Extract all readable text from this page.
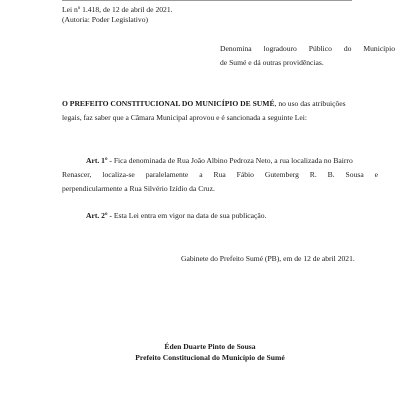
Lei nº 1.418, de 12 de abril de 2021.
(Autoria: Poder Legislativo)
Denomina logradouro Público do Município
de Sumé e dá outras providências.
O PREFEITO CONSTITUCIONAL DO MUNICÍPIO DE SUMÉ, no uso das atribuições
legais, faz saber que a Câmara Municipal aprovou e é sancionada a seguinte Lei:
Art. 1º - Fica denominada de Rua João Albino Pedroza Neto, a rua localizada no Bairro
Renascer, localiza-se paralelamente a Rua Fábio Gutemberg R. B. Sousa e
perpendicularmente a Rua Silvério Izídio da Cruz.
Art. 2º - Esta Lei entra em vigor na data de sua publicação.
Gabinete do Prefeito Sumé (PB), em de 12 de abril 2021.
Éden Duarte Pinto de Sousa
Prefeito Constitucional do Município de Sumé
